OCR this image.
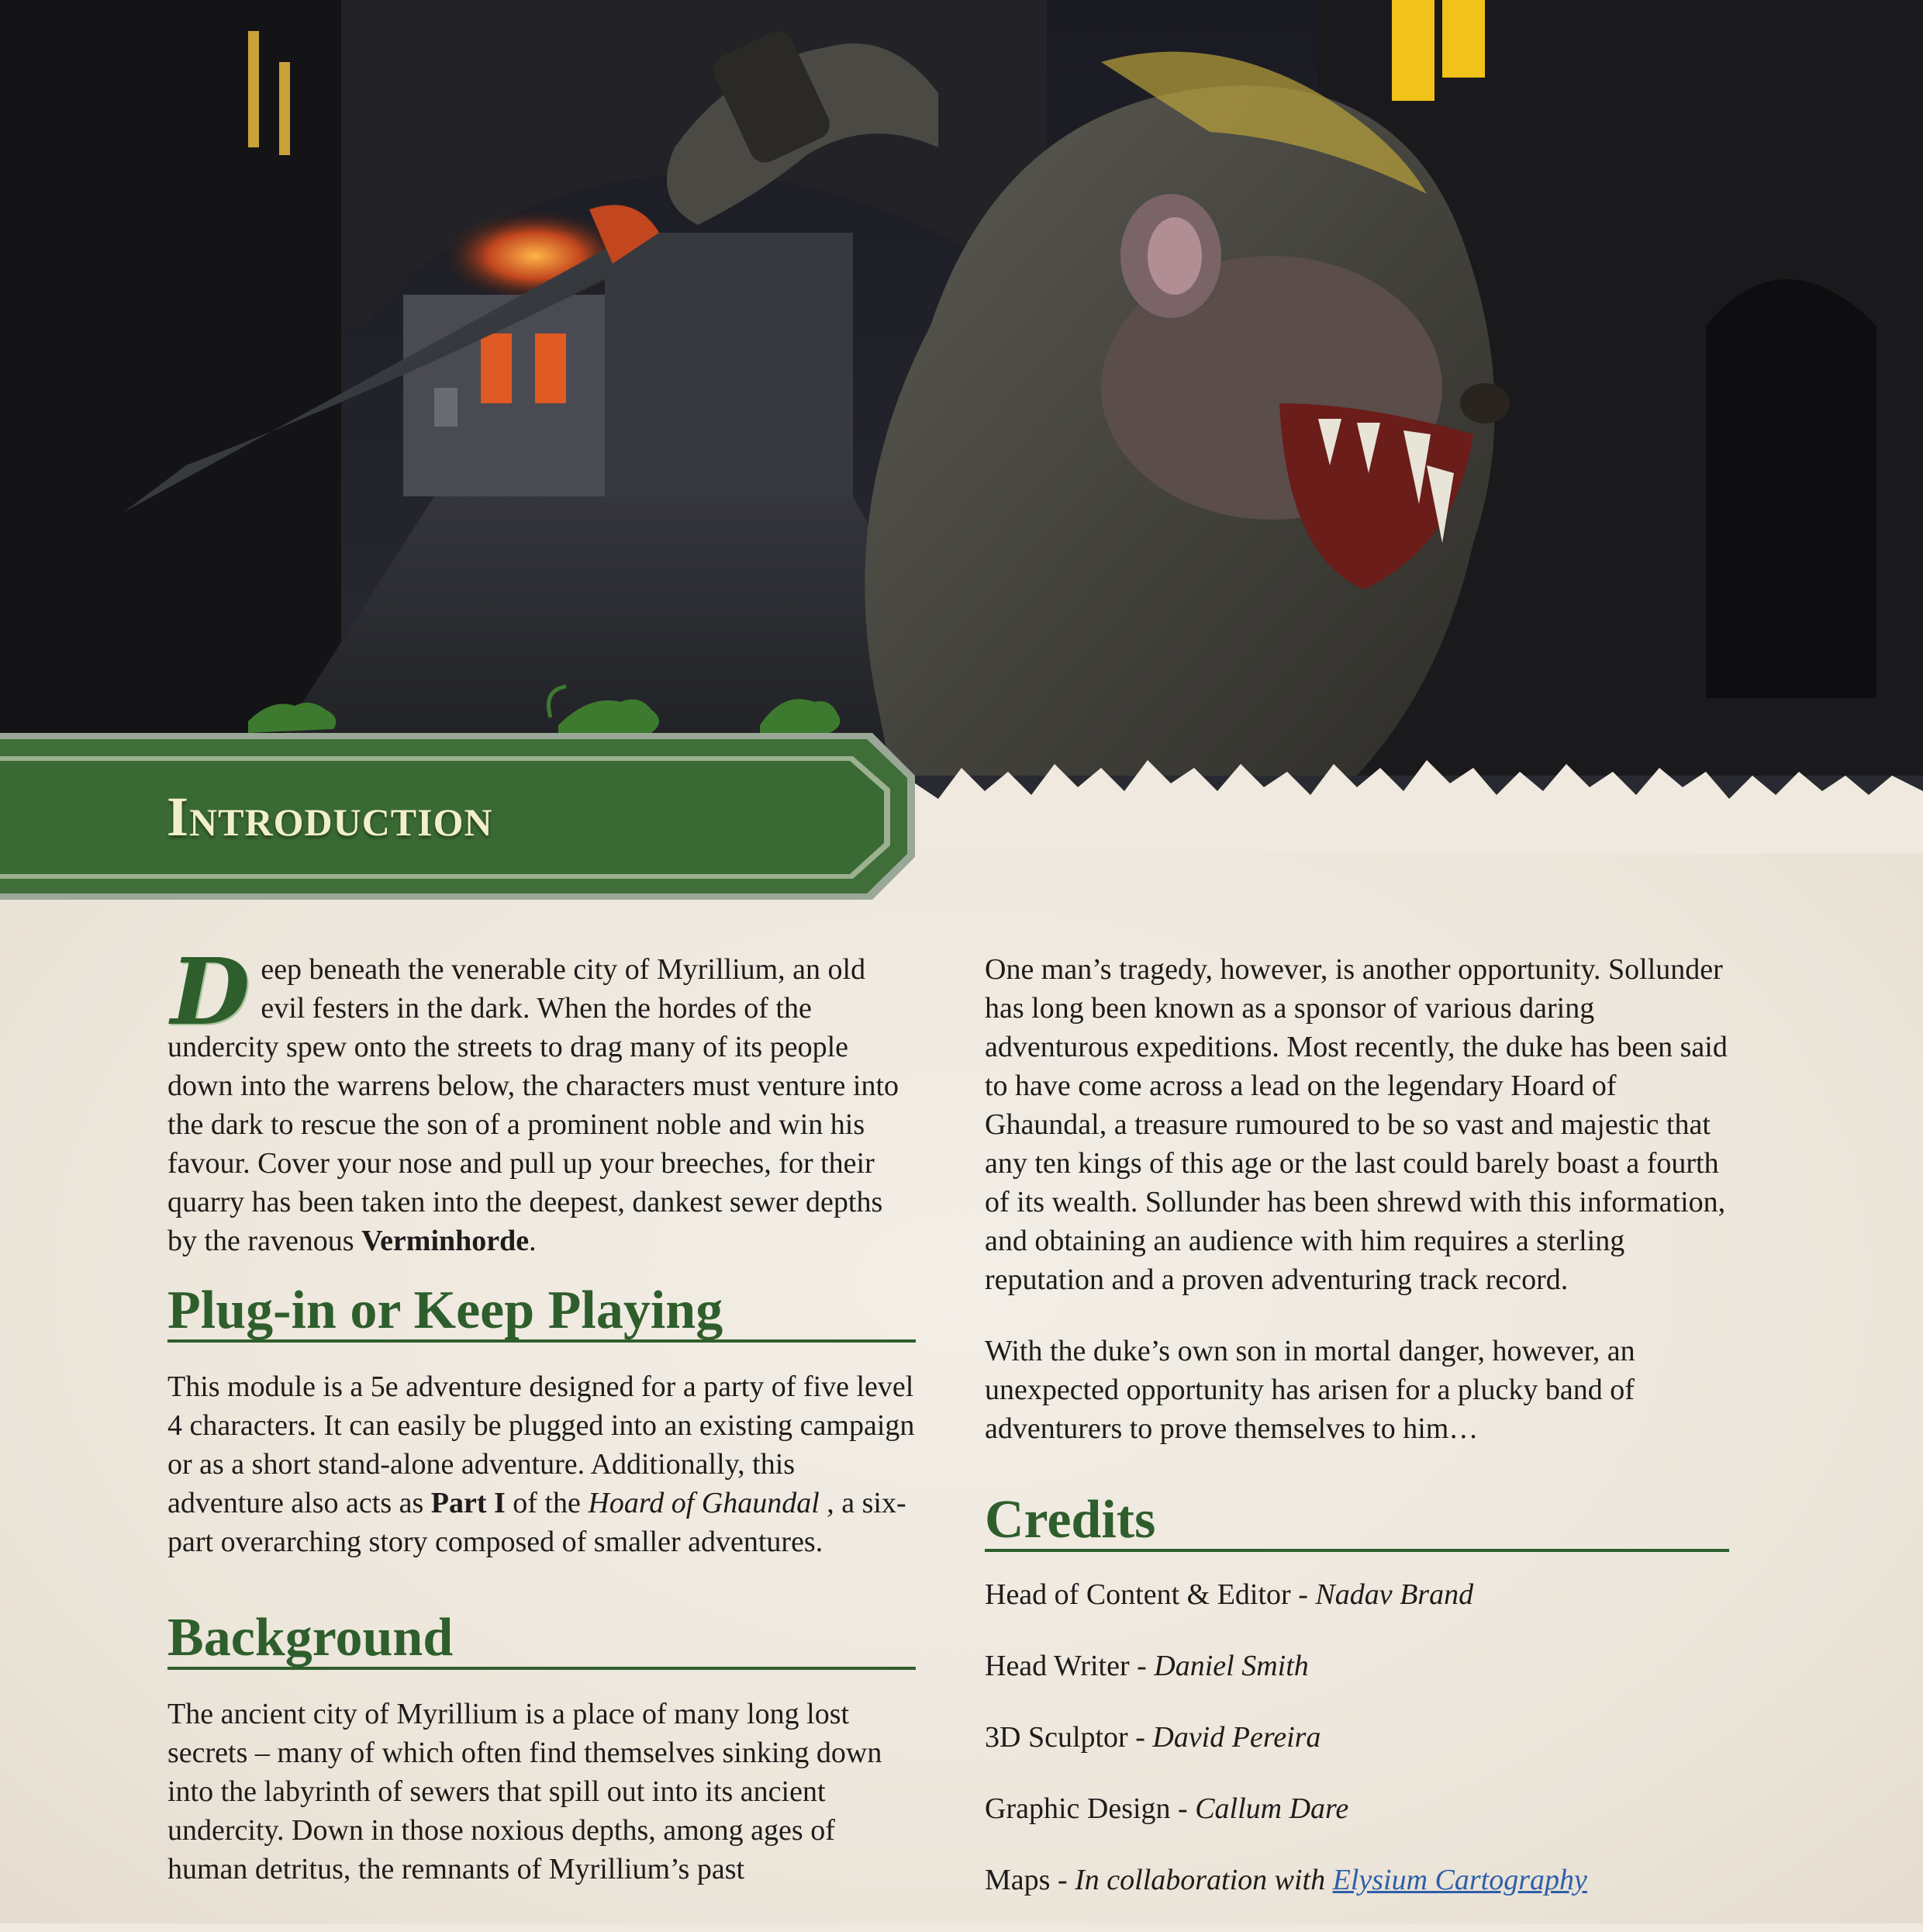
Introduction

Deep beneath the venerable city of Myrillium, an old evil festers in the dark. When the hordes of the undercity spew onto the streets to drag many of its people down into the warrens below, the characters must venture into the dark to rescue the son of a prominent noble and win his favour. Cover your nose and pull up your breeches, for their quarry has been taken into the deepest, dankest sewer depths by the ravenous Verminhorde.

Plug-in or Keep Playing

This module is a 5e adventure designed for a party of five level 4 characters. It can easily be plugged into an existing campaign or as a short stand-alone adventure. Additionally, this adventure also acts as Part I of the Hoard of Ghaundal , a six-part overarching story composed of smaller adventures.

Background

The ancient city of Myrillium is a place of many long lost secrets – many of which often find themselves sinking down into the labyrinth of sewers that spill out into its ancient undercity. Down in those noxious depths, among ages of human detritus, the remnants of Myrillium’s past

One man’s tragedy, however, is another opportunity. Sollunder has long been known as a sponsor of various daring adventurous expeditions. Most recently, the duke has been said to have come across a lead on the legendary Hoard of Ghaundal, a treasure rumoured to be so vast and majestic that any ten kings of this age or the last could barely boast a fourth of its wealth. Sollunder has been shrewd with this information, and obtaining an audience with him requires a sterling reputation and a proven adventuring track record.

With the duke’s own son in mortal danger, however, an unexpected opportunity has arisen for a plucky band of adventurers to prove themselves to him…

Credits

Head of Content & Editor - Nadav Brand

Head Writer - Daniel Smith

3D Sculptor - David Pereira

Graphic Design - Callum Dare

Maps - In collaboration with Elysium Cartography
